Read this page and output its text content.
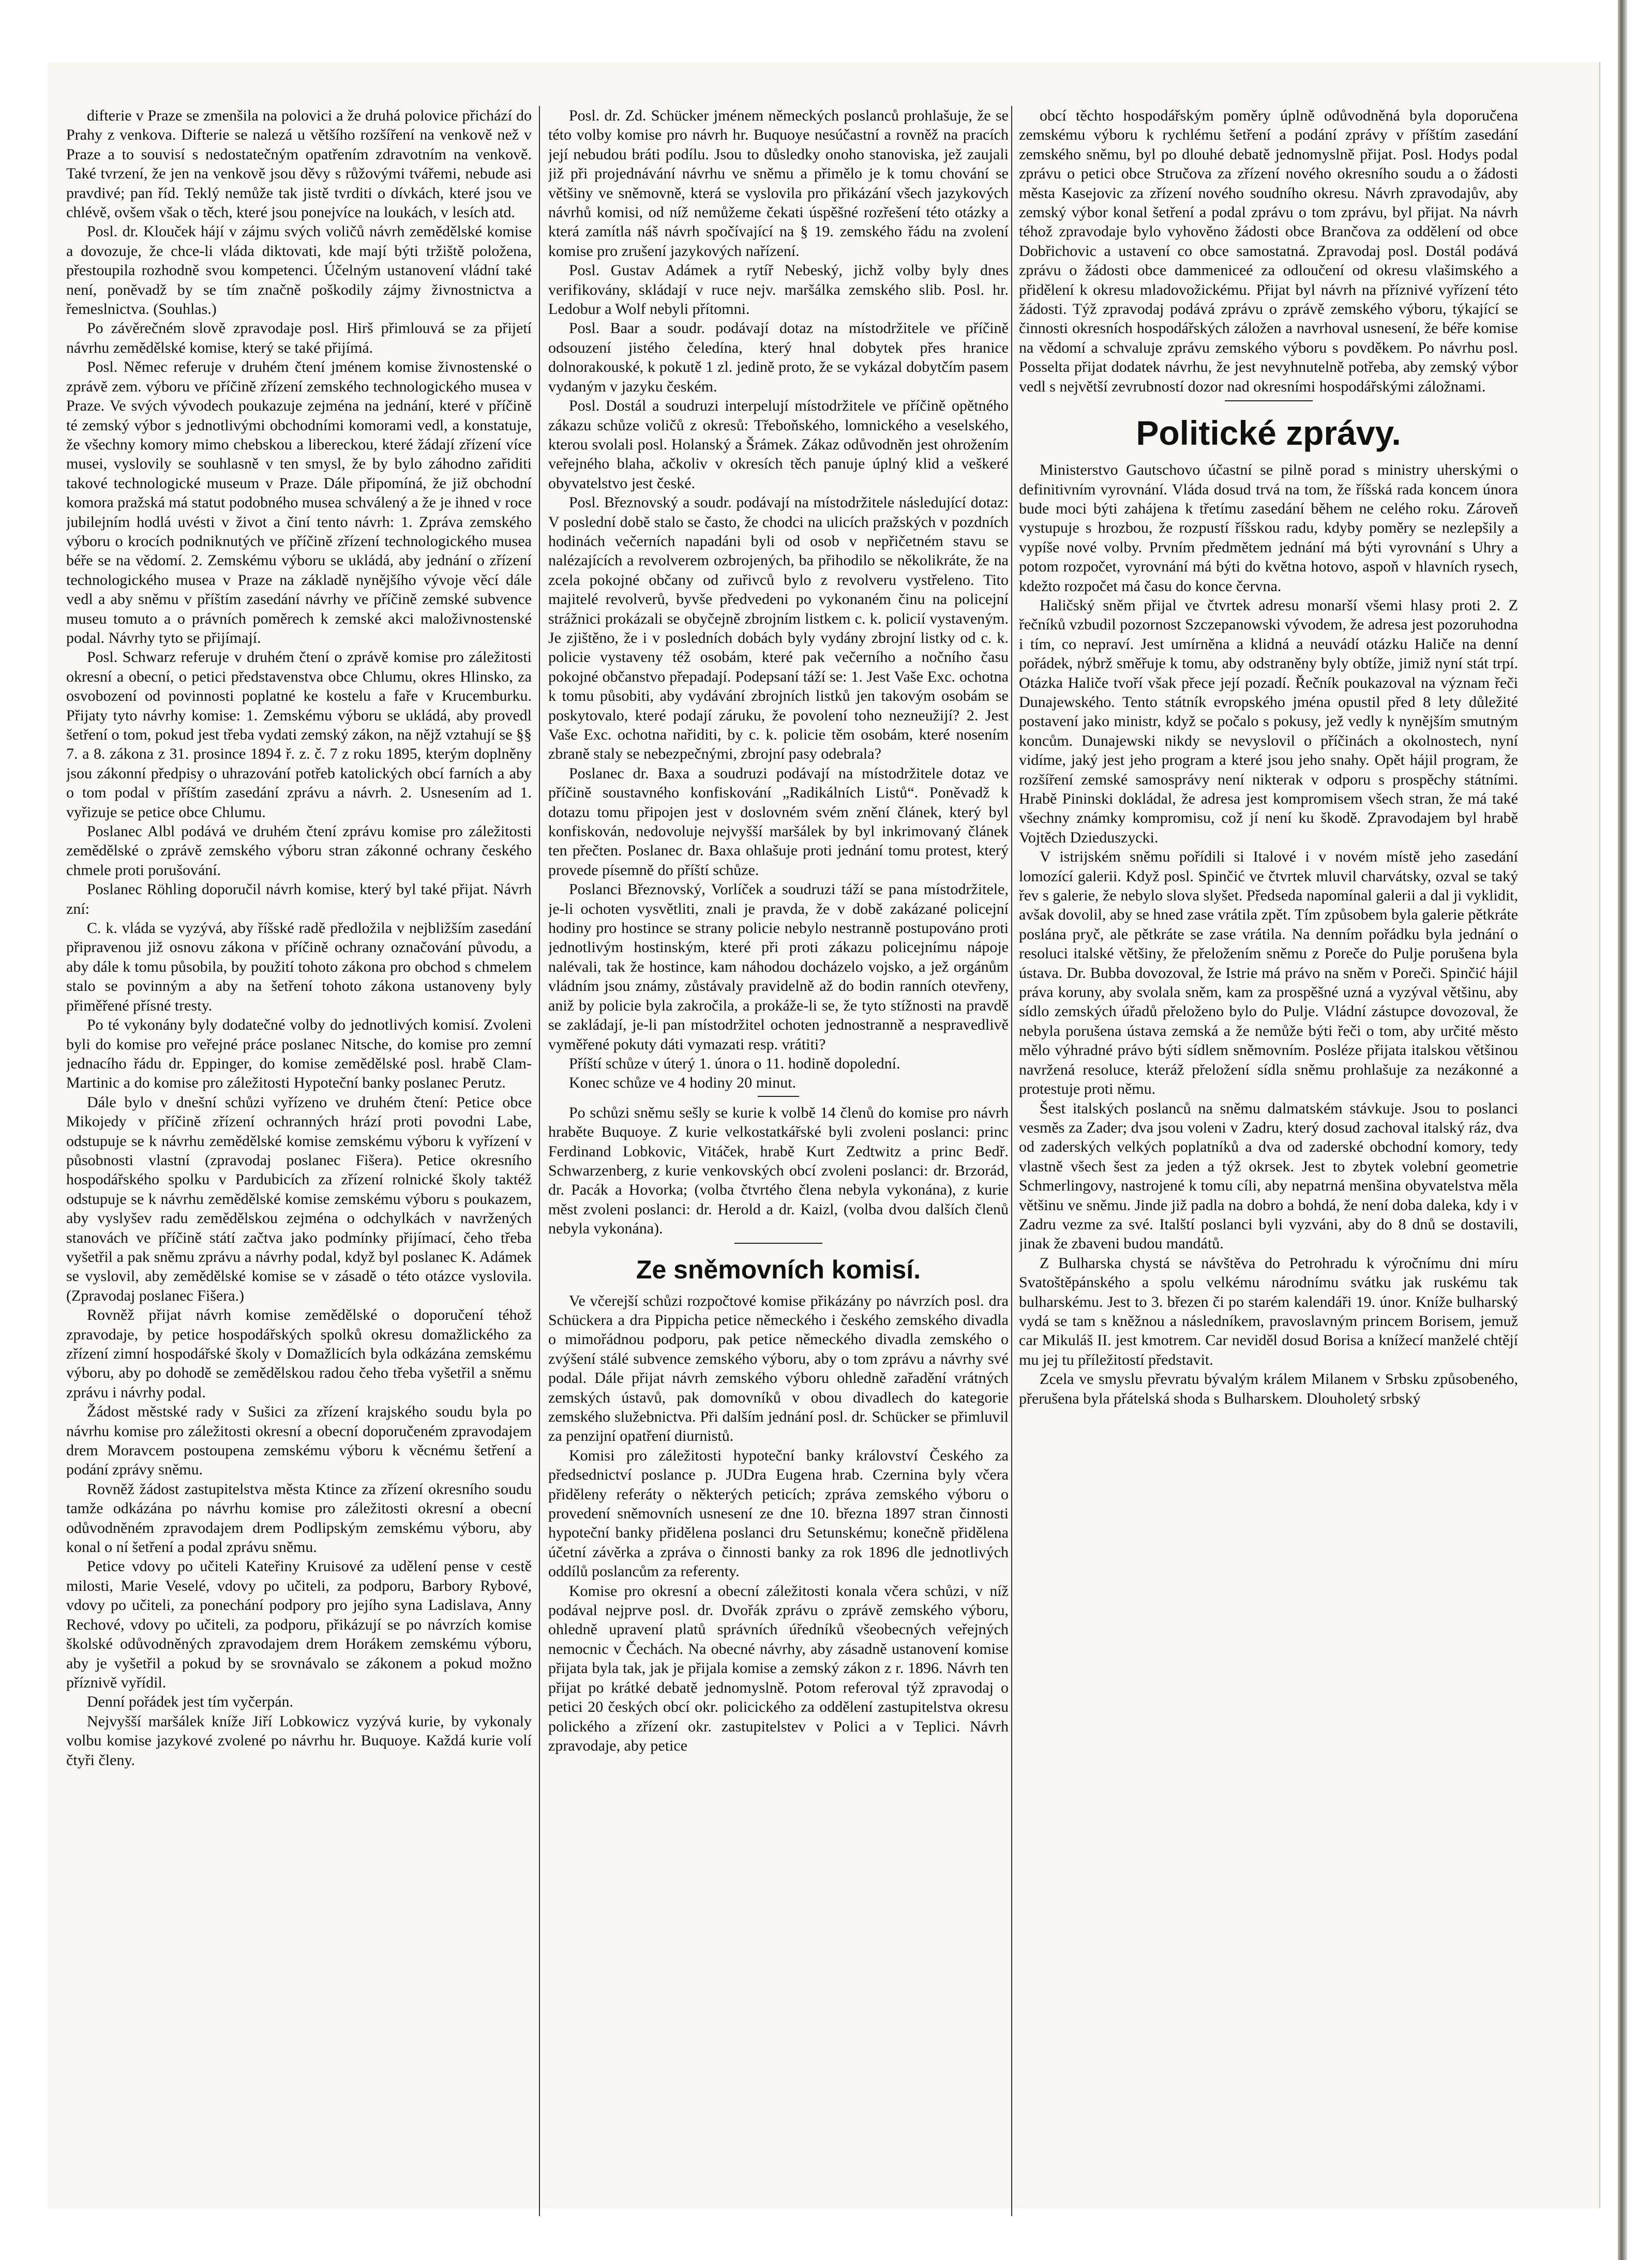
difterie v Praze se zmenšila na polovici a že druhá polovice přichází do Prahy z venkova. Difterie se nalezá u většího rozšíření na venkově než v Praze a to souvisí s nedostatečným opatřením zdravotním na venkově. Také tvrzení, že jen na venkově jsou děvy s růžovými tvářemi, nebude asi pravdivé; pan říd. Teklý nemůže tak jistě tvrditi o dívkách, které jsou ve chlévě, ovšem však o těch, které jsou ponejvíce na loukách, v lesích atd.

Posl. dr. Klouček hájí v zájmu svých voličů návrh zemědělské komise a dovozuje, že chce-li vláda diktovati, kde mají býti tržiště položena, přestoupila rozhodně svou kompetenci. Účelným ustanovení vládní také není, poněvadž by se tím značně poškodily zájmy živnostnictva a řemeslnictva. (Souhlas.)

Po závěrečném slově zpravodaje posl. Hirš přimlouvá se za přijetí návrhu zemědělské komise, který se také přijímá.

Posl. Němec referuje v druhém čtení jménem komise živnostenské o zprávě zem. výboru ve příčině zřízení zemského technologického musea v Praze. Ve svých vývodech poukazuje zejména na jednání, které v příčině té zemský výbor s jednotlivými obchodními komorami vedl, a konstatuje, že všechny komory mimo chebskou a libereckou, které žádají zřízení více musei, vyslovily se souhlasně v ten smysl, že by bylo záhodno zařiditi takové technologické museum v Praze. Dále připomíná, že již obchodní komora pražská má statut podobného musea schválený a že je ihned v roce jubilejním hodlá uvésti v život a činí tento návrh: 1. Zpráva zemského výboru o krocích podniknutých ve příčině zřízení technologického musea béře se na vědomí. 2. Zemskému výboru se ukládá, aby jednání o zřízení technologického musea v Praze na základě nynějšího vývoje věcí dále vedl a aby sněmu v příštím zasedání návrhy ve příčině zemské subvence museu tomuto a o právních poměrech k zemské akci maloživnostenské podal. Návrhy tyto se přijímají.

Posl. Schwarz referuje v druhém čtení o zprávě komise pro záležitosti okresní a obecní, o petici představenstva obce Chlumu, okres Hlinsko, za osvobození od povinnosti poplatné ke kostelu a faře v Krucemburku. Přijaty tyto návrhy komise: 1. Zemskému výboru se ukládá, aby provedl šetření o tom, pokud jest třeba vydati zemský zákon, na nějž vztahují se §§ 7. a 8. zákona z 31. prosince 1894 ř. z. č. 7 z roku 1895, kterým doplněny jsou zákonní předpisy o uhrazování potřeb katolických obcí farních a aby o tom podal v příštím zasedání zprávu a návrh. 2. Usnesením ad 1. vyřizuje se petice obce Chlumu.

Poslanec Albl podává ve druhém čtení zprávu komise pro záležitosti zemědělské o zprávě zemského výboru stran zákonné ochrany českého chmele proti porušování.

Poslanec Röhling doporučil návrh komise, který byl také přijat. Návrh zní:

C. k. vláda se vyzývá, aby říšské radě předložila v nejbližším zasedání připravenou již osnovu zákona v příčině ochrany označování původu, a aby dále k tomu působila, by použití tohoto zákona pro obchod s chmelem stalo se povinným a aby na šetření tohoto zákona ustanoveny byly přiměřené přísné tresty.

Po té vykonány byly dodatečné volby do jednotlivých komisí. Zvoleni byli do komise pro veřejné práce poslanec Nitsche, do komise pro zemní jednacího řádu dr. Eppinger, do komise zemědělské posl. hrabě Clam-Martinic a do komise pro záležitosti Hypoteční banky poslanec Perutz.

Dále bylo v dnešní schůzi vyřízeno ve druhém čtení: Petice obce Mikojedy v příčině zřízení ochranných hrází proti povodni Labe, odstupuje se k návrhu zemědělské komise zemskému výboru k vyřízení v působnosti vlastní (zpravodaj poslanec Fišera). Petice okresního hospodářského spolku v Pardubicích za zřízení rolnické školy taktéž odstupuje se k návrhu zemědělské komise zemskému výboru s poukazem, aby vyslyšev radu zemědělskou zejména o odchylkách v navržených stanovách ve příčině státí začtva jako podmínky přijímací, čeho třeba vyšetřil a pak sněmu zprávu a návrhy podal, když byl poslanec K. Adámek se vyslovil, aby zemědělské komise se v zásadě o této otázce vyslovila. (Zpravodaj poslanec Fišera.)

Rovněž přijat návrh komise zemědělské o doporučení téhož zpravodaje, by petice hospodářských spolků okresu domažlického za zřízení zimní hospodářské školy v Domažlicích byla odkázána zemskému výboru, aby po dohodě se zemědělskou radou čeho třeba vyšetřil a sněmu zprávu i návrhy podal.

Žádost městské rady v Sušici za zřízení krajského soudu byla po návrhu komise pro záležitosti okresní a obecní doporučeném zpravodajem drem Moravcem postoupena zemskému výboru k věcnému šetření a podání zprávy sněmu.

Rovněž žádost zastupitelstva města Ktince za zřízení okresního soudu tamže odkázána po návrhu komise pro záležitosti okresní a obecní odůvodněném zpravodajem drem Podlipským zemskému výboru, aby konal o ní šetření a podal zprávu sněmu.

Petice vdovy po učiteli Kateřiny Kruisové za udělení pense v cestě milosti, Marie Veselé, vdovy po učiteli, za podporu, Barbory Rybové, vdovy po učiteli, za ponechání podpory pro jejího syna Ladislava, Anny Rechové, vdovy po učiteli, za podporu, přikázují se po návrzích komise školské odůvodněných zpravodajem drem Horákem zemskému výboru, aby je vyšetřil a pokud by se srovnávalo se zákonem a pokud možno příznivě vyřídil.

Denní pořádek jest tím vyčerpán.

Nejvyšší maršálek kníže Jiří Lobkowicz vyzývá kurie, by vykonaly volbu komise jazykové zvolené po návrhu hr. Buquoye. Každá kurie volí čtyři členy.

Posl. dr. Zd. Schücker jménem německých poslanců prohlašuje, že se této volby komise pro návrh hr. Buquoye nesúčastní a rovněž na pracích její nebudou bráti podílu. Jsou to důsledky onoho stanoviska, jež zaujali již při projednávání návrhu ve sněmu a přimělo je k tomu chování se většiny ve sněmovně, která se vyslovila pro přikázání všech jazykových návrhů komisi, od níž nemůžeme čekati úspěšné rozřešení této otázky a která zamítla náš návrh spočívající na § 19. zemského řádu na zvolení komise pro zrušení jazykových nařízení.

Posl. Gustav Adámek a rytíř Nebeský, jichž volby byly dnes verifikovány, skládají v ruce nejv. maršálka zemského slib. Posl. hr. Ledobur a Wolf nebyli přítomni.

Posl. Baar a soudr. podávají dotaz na místodržitele ve příčině odsouzení jistého čeledína, který hnal dobytek přes hranice dolnorakouské, k pokutě 1 zl. jedině proto, že se vykázal dobytčím pasem vydaným v jazyku českém.

Posl. Dostál a soudruzi interpelují místodržitele ve příčině opětného zákazu schůze voličů z okresů: Třeboňského, lomnického a veselského, kterou svolali posl. Holanský a Šrámek. Zákaz odůvodněn jest ohrožením veřejného blaha, ačkoliv v okresích těch panuje úplný klid a veškeré obyvatelstvo jest české.

Posl. Březnovský a soudr. podávají na místodržitele následující dotaz: V poslední době stalo se často, že chodci na ulicích pražských v pozdních hodinách večerních napadáni byli od osob v nepřičetném stavu se nalézajících a revolverem ozbrojených, ba přihodilo se několikráte, že na zcela pokojné občany od zuřivců bylo z revolveru vystřeleno. Tito majitelé revolverů, byvše předvedeni po vykonaném činu na policejní strážnici prokázali se obyčejně zbrojním listkem c. k. policií vystaveným. Je zjištěno, že i v posledních dobách byly vydány zbrojní listky od c. k. policie vystaveny též osobám, které pak večerního a nočního času pokojné občanstvo přepadají. Podepsaní táží se: 1. Jest Vaše Exc. ochotna k tomu působiti, aby vydávání zbrojních listků jen takovým osobám se poskytovalo, které podají záruku, že povolení toho nezneužijí? 2. Jest Vaše Exc. ochotna nařiditi, by c. k. policie těm osobám, které nosením zbraně staly se nebezpečnými, zbrojní pasy odebrala?

Poslanec dr. Baxa a soudruzi podávají na místodržitele dotaz ve příčině soustavného konfiskování „Radikálních Listů“. Poněvadž k dotazu tomu připojen jest v doslovném svém znění článek, který byl konfiskován, nedovoluje nejvyšší maršálek by byl inkrimovaný článek ten přečten. Poslanec dr. Baxa ohlašuje proti jednání tomu protest, který provede písemně do příští schůze.

Poslanci Březnovský, Vorlíček a soudruzi táží se pana místodržitele, je-li ochoten vysvětliti, znali je pravda, že v době zakázané policejní hodiny pro hostince se strany policie nebylo nestranně postupováno proti jednotlivým hostinským, které při proti zákazu policejnímu nápoje nalévali, tak že hostince, kam náhodou docházelo vojsko, a jež orgánům vládním jsou známy, zůstávaly pravidelně až do bodin ranních otevřeny, aniž by policie byla zakročila, a prokáže-li se, že tyto stížnosti na pravdě se zakládají, je-li pan místodržitel ochoten jednostranně a nespravedlivě vyměřené pokuty dáti vymazati resp. vrátiti?

Příští schůze v úterý 1. února o 11. hodině dopolední.

Konec schůze ve 4 hodiny 20 minut.

Po schůzi sněmu sešly se kurie k volbě 14 členů do komise pro návrh hraběte Buquoye. Z kurie velkostatkářské byli zvoleni poslanci: princ Ferdinand Lobkovic, Vitáček, hrabě Kurt Zedtwitz a princ Bedř. Schwarzenberg, z kurie venkovských obcí zvoleni poslanci: dr. Brzorád, dr. Pacák a Hovorka; (volba čtvrtého člena nebyla vykonána), z kurie měst zvoleni poslanci: dr. Herold a dr. Kaizl, (volba dvou dalších členů nebyla vykonána).

Ze sněmovních komisí.

Ve včerejší schůzi rozpočtové komise přikázány po návrzích posl. dra Schückera a dra Pippicha petice německého i českého zemského divadla o mimořádnou podporu, pak petice německého divadla zemského o zvýšení stálé subvence zemského výboru, aby o tom zprávu a návrhy své podal. Dále přijat návrh zemského výboru ohledně zařadění vrátných zemských ústavů, pak domovníků v obou divadlech do kategorie zemského služebnictva. Při dalším jednání posl. dr. Schücker se přimluvil za penzijní opatření diurnistů.

Komisi pro záležitosti hypoteční banky království Českého za předsednictví poslance p. JUDra Eugena hrab. Czernina byly včera přiděleny referáty o některých peticích; zpráva zemského výboru o provedení sněmovních usnesení ze dne 10. března 1897 stran činnosti hypoteční banky přidělena poslanci dru Setunskému; konečně přidělena účetní závěrka a zpráva o činnosti banky za rok 1896 dle jednotlivých oddílů poslancům za referenty.

Komise pro okresní a obecní záležitosti konala včera schůzi, v níž podával nejprve posl. dr. Dvořák zprávu o zprávě zemského výboru, ohledně upravení platů správních úředníků všeobecných veřejných nemocnic v Čechách. Na obecné návrhy, aby zásadně ustanovení komise přijata byla tak, jak je přijala komise a zemský zákon z r. 1896. Návrh ten přijat po krátké debatě jednomyslně. Potom referoval týž zpravodaj o petici 20 českých obcí okr. policického za oddělení zastupitelstva okresu polického a zřízení okr. zastupitelstev v Polici a v Teplici. Návrh zpravodaje, aby petice

obcí těchto hospodářským poměry úplně odůvodněná byla doporučena zemskému výboru k rychlému šetření a podání zprávy v příštím zasedání zemského sněmu, byl po dlouhé debatě jednomyslně přijat. Posl. Hodys podal zprávu o petici obce Stručova za zřízení nového okresního soudu a o žádosti města Kasejovic za zřízení nového soudního okresu. Návrh zpravodajův, aby zemský výbor konal šetření a podal zprávu o tom zprávu, byl přijat. Na návrh téhož zpravodaje bylo vyhověno žádosti obce Brančova za oddělení od obce Dobřichovic a ustavení co obce samostatná. Zpravodaj posl. Dostál podává zprávu o žádosti obce dammeniceé za odloučení od okresu vlašimského a přidělení k okresu mladovožickému. Přijat byl návrh na příznivé vyřízení této žádosti. Týž zpravodaj podává zprávu o zprávě zemského výboru, týkající se činnosti okresních hospodářských záložen a navrhoval usnesení, že béře komise na vědomí a schvaluje zprávu zemského výboru s povděkem. Po návrhu posl. Posselta přijat dodatek návrhu, že jest nevyhnutelně potřeba, aby zemský výbor vedl s největší zevrubností dozor nad okresními hospodářskými záložnami.

Politické zprávy.

Ministerstvo Gautschovo účastní se pilně porad s ministry uherskými o definitivním vyrovnání. Vláda dosud trvá na tom, že říšská rada koncem února bude moci býti zahájena k třetímu zasedání během ne celého roku. Zároveň vystupuje s hrozbou, že rozpustí říšskou radu, kdyby poměry se nezlepšily a vypíše nové volby. Prvním předmětem jednání má býti vyrovnání s Uhry a potom rozpočet, vyrovnání má býti do května hotovo, aspoň v hlavních rysech, kdežto rozpočet má času do konce června.

Haličský sněm přijal ve čtvrtek adresu monarší všemi hlasy proti 2. Z řečníků vzbudil pozornost Szczepanowski vývodem, že adresa jest pozoruhodna i tím, co nepraví. Jest umírněna a klidná a neuvádí otázku Haliče na denní pořádek, nýbrž směřuje k tomu, aby odstraněny byly obtíže, jimiž nyní stát trpí. Otázka Haliče tvoří však přece její pozadí. Řečník poukazoval na význam řeči Dunajewského. Tento státník evropského jména opustil před 8 lety důležité postavení jako ministr, když se počalo s pokusy, jež vedly k nynějším smutným koncům. Dunajewski nikdy se nevyslovil o příčinách a okolnostech, nyní vidíme, jaký jest jeho program a které jsou jeho snahy. Opět hájil program, že rozšíření zemské samosprávy není nikterak v odporu s prospěchy státními. Hrabě Pininski dokládal, že adresa jest kompromisem všech stran, že má také všechny známky kompromisu, což jí není ku škodě. Zpravodajem byl hrabě Vojtěch Dzieduszycki.

V istrijském sněmu pořídili si Italové i v novém místě jeho zasedání lomozící galerii. Když posl. Spinčić ve čtvrtek mluvil charvátsky, ozval se taký řev s galerie, že nebylo slova slyšet. Předseda napomínal galerii a dal ji vyklidit, avšak dovolil, aby se hned zase vrátila zpět. Tím způsobem byla galerie pětkráte poslána pryč, ale pětkráte se zase vrátila. Na denním pořádku byla jednání o resoluci italské většiny, že přeložením sněmu z Poreče do Pulje porušena byla ústava. Dr. Bubba dovozoval, že Istrie má právo na sněm v Poreči. Spinčić hájil práva koruny, aby svolala sněm, kam za prospěšné uzná a vyzýval většinu, aby sídlo zemských úřadů přeloženo bylo do Pulje. Vládní zástupce dovozoval, že nebyla porušena ústava zemská a že nemůže býti řeči o tom, aby určité město mělo výhradné právo býti sídlem sněmovním. Posléze přijata italskou většinou navržená resoluce, kteráž přeložení sídla sněmu prohlašuje za nezákonné a protestuje proti němu.

Šest italských poslanců na sněmu dalmatském stávkuje. Jsou to poslanci vesměs za Zader; dva jsou voleni v Zadru, který dosud zachoval italský ráz, dva od zaderských velkých poplatníků a dva od zaderské obchodní komory, tedy vlastně všech šest za jeden a týž okrsek. Jest to zbytek volební geometrie Schmerlingovy, nastrojené k tomu cíli, aby nepatrná menšina obyvatelstva měla většinu ve sněmu. Jinde již padla na dobro a bohdá, že není doba daleka, kdy i v Zadru vezme za své. Italští poslanci byli vyzváni, aby do 8 dnů se dostavili, jinak že zbaveni budou mandátů.

Z Bulharska chystá se návštěva do Petrohradu k výročnímu dni míru Svatoštěpánského a spolu velkému národnímu svátku jak ruskému tak bulharskému. Jest to 3. březen či po starém kalendáři 19. únor. Kníže bulharský vydá se tam s kněžnou a následníkem, pravoslavným princem Borisem, jemuž car Mikuláš II. jest kmotrem. Car neviděl dosud Borisa a knížecí manželé chtějí mu jej tu příležitostí představit.

Zcela ve smyslu převratu bývalým králem Milanem v Srbsku způsobeného, přerušena byla přátelská shoda s Bulharskem. Dlouholetý srbský
